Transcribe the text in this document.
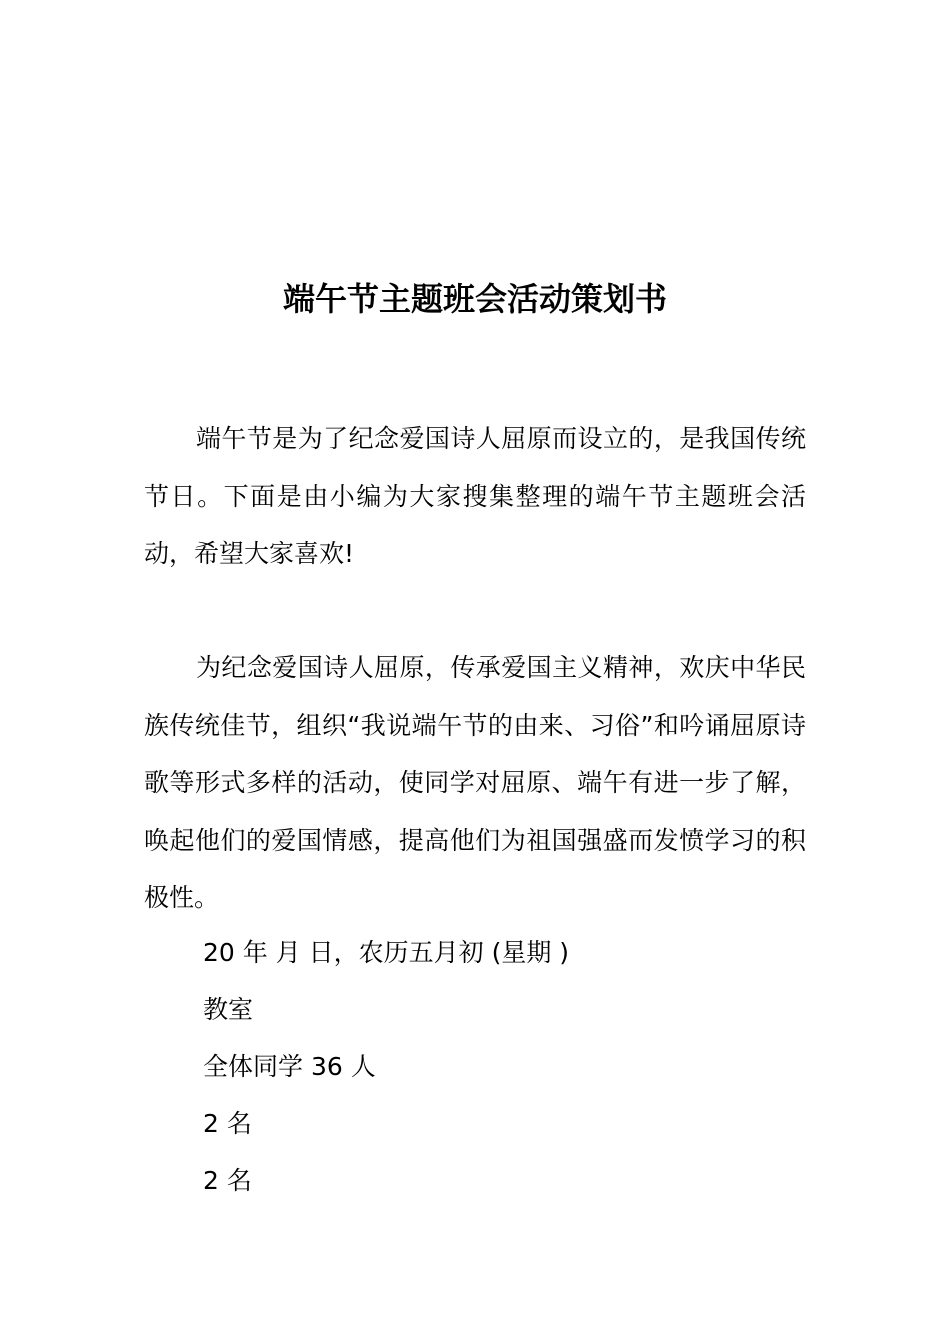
端午节主题班会活动策划书

端午节是为了纪念爱国诗人屈原而设立的，是我国传统节日。下面是由小编为大家搜集整理的端午节主题班会活动，希望大家喜欢!

为纪念爱国诗人屈原，传承爱国主义精神，欢庆中华民族传统佳节，组织“我说端午节的由来、习俗”和吟诵屈原诗歌等形式多样的活动，使同学对屈原、端午有进一步了解，唤起他们的爱国情感，提高他们为祖国强盛而发愤学习的积极性。

20 年 月 日，农历五月初 (星期 )
教室
全体同学 36 人
2 名
2 名
